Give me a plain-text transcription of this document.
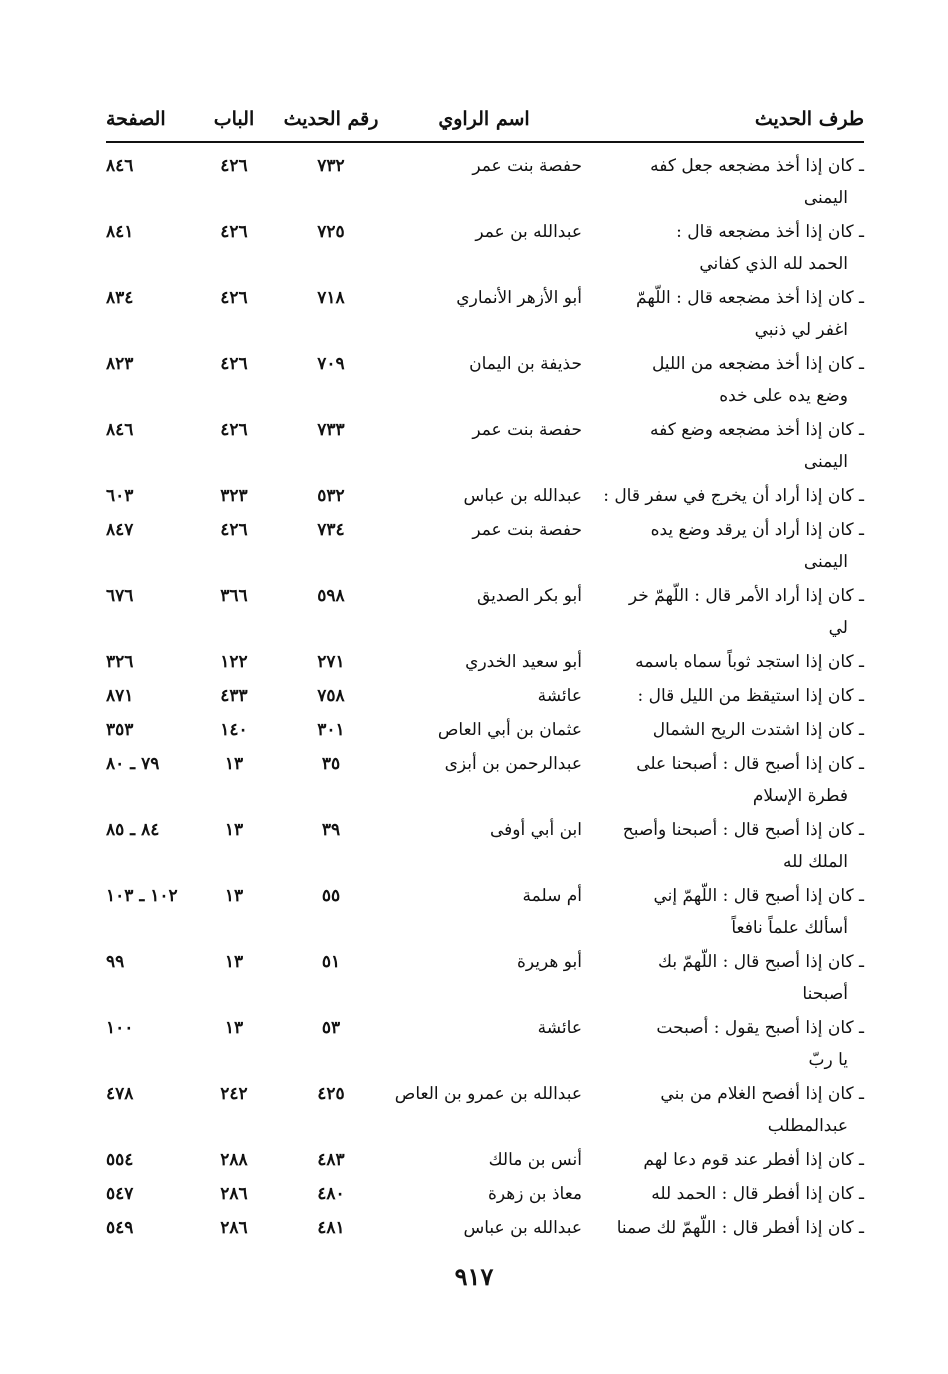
طرف الحديث	اسم الراوي	رقم الحديث	الباب	الصفحة
ـ كان إذا أخذ مضجعه جعل كفه	حفصة بنت عمر	٧٣٢	٤٢٦	٨٤٦
اليمنى				
ـ كان إذا أخذ مضجعه قال :	عبدالله بن عمر	٧٢٥	٤٢٦	٨٤١
الحمد لله الذي كفاني				
ـ كان إذا أخذ مضجعه قال : اللّهمّ	أبو الأزهر الأنماري	٧١٨	٤٢٦	٨٣٤
اغفر لي ذنبي				
ـ كان إذا أخذ مضجعه من الليل	حذيفة بن اليمان	٧٠٩	٤٢٦	٨٢٣
وضع يده على خده				
ـ كان إذا أخذ مضجعه وضع كفه	حفصة بنت عمر	٧٣٣	٤٢٦	٨٤٦
اليمنى				
ـ كان إذا أراد أن يخرج في سفر قال :	عبدالله بن عباس	٥٣٢	٣٢٣	٦٠٣
ـ كان إذا أراد أن يرقد وضع يده	حفصة بنت عمر	٧٣٤	٤٢٦	٨٤٧
اليمنى				
ـ كان إذا أراد الأمر قال : اللّهمّ خر	أبو بكر الصديق	٥٩٨	٣٦٦	٦٧٦
لي				
ـ كان إذا استجد ثوباً سماه باسمه	أبو سعيد الخدري	٢٧١	١٢٢	٣٢٦
ـ كان إذا استيقظ من الليل قال :	عائشة	٧٥٨	٤٣٣	٨٧١
ـ كان إذا اشتدت الريح الشمال	عثمان بن أبي العاص	٣٠١	١٤٠	٣٥٣
ـ كان إذا أصبح قال : أصبحنا على	عبدالرحمن بن أبزى	٣٥	١٣	٧٩ ـ ٨٠
فطرة الإسلام				
ـ كان إذا أصبح قال : أصبحنا وأصبح	ابن أبي أوفى	٣٩	١٣	٨٤ ـ ٨٥
الملك لله				
ـ كان إذا أصبح قال : اللّهمّ إني	أم سلمة	٥٥	١٣	١٠٢ ـ ١٠٣
أسألك علماً نافعاً				
ـ كان إذا أصبح قال : اللّهمّ بك	أبو هريرة	٥١	١٣	٩٩
أصبحنا				
ـ كان إذا أصبح يقول : أصبحت	عائشة	٥٣	١٣	١٠٠
يا ربّ				
ـ كان إذا أفصح الغلام من بني	عبدالله بن عمرو بن العاص	٤٢٥	٢٤٢	٤٧٨
عبدالمطلب				
ـ كان إذا أفطر عند قوم دعا لهم	أنس بن مالك	٤٨٣	٢٨٨	٥٥٤
ـ كان إذا أفطر قال : الحمد لله	معاذ بن زهرة	٤٨٠	٢٨٦	٥٤٧
ـ كان إذا أفطر قال : اللّهمّ لك صمنا	عبدالله بن عباس	٤٨١	٢٨٦	٥٤٩
٩١٧
